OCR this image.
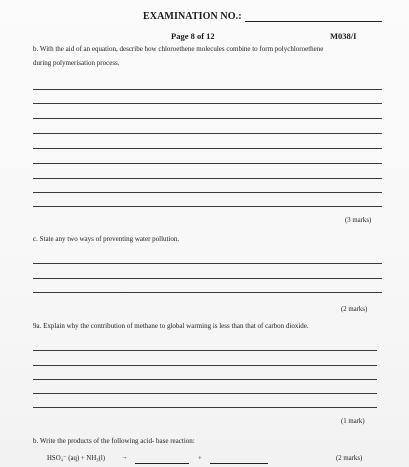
EXAMINATION NO.:
Page 8 of 12	M038/I
b. With the aid of an equation, describe how chloroethene molecules combine to form polychloroethene
during polymerisation process.
(3 marks)
c. State any two ways of preventing water pollution.
(2 marks)
9a. Explain why the contribution of methane to global warming is less than that of carbon dioxide.
(1 mark)
b. Write the products of the following acid- base reaction:
HSO₄⁻ (aq) + NH₃(l) →	+	(2 marks)
